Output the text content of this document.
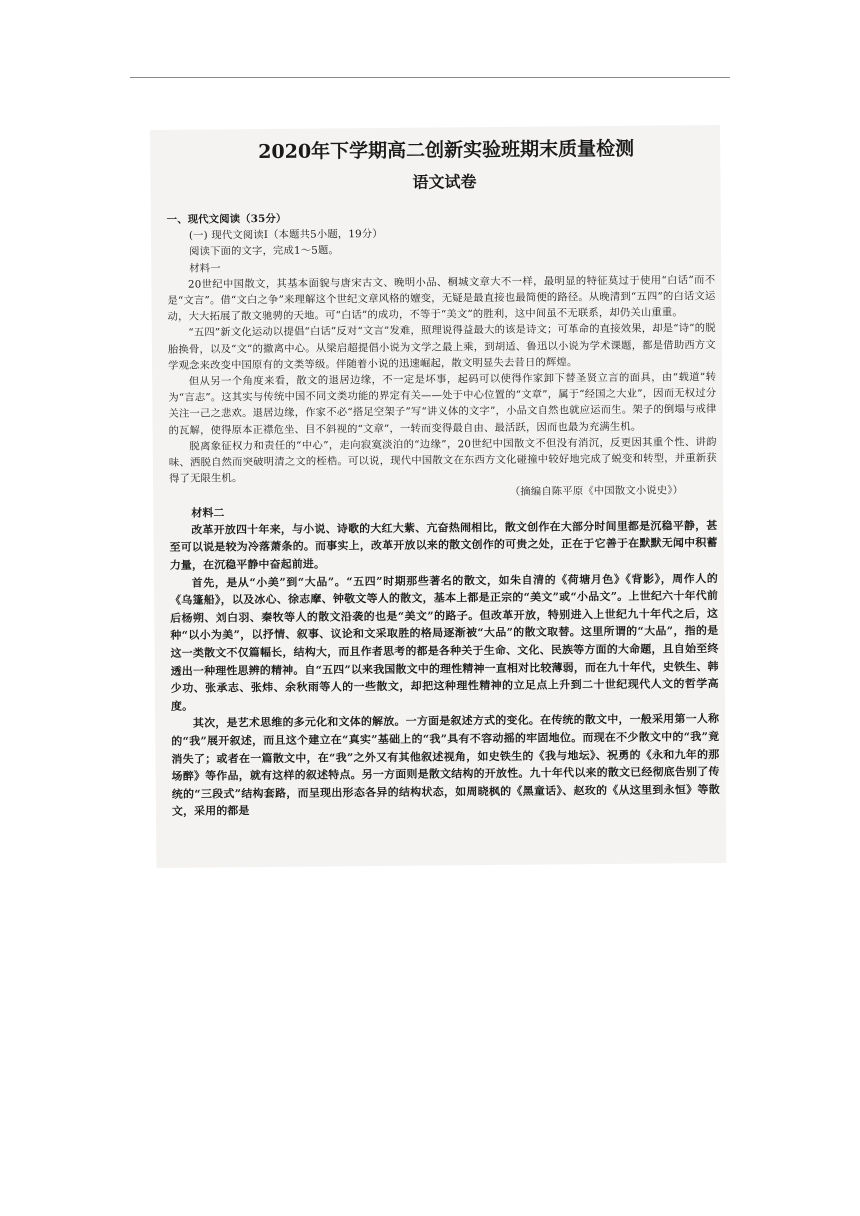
2020年下学期高二创新实验班期末质量检测
语文试卷

一、现代文阅读（35分）

(一) 现代文阅读Ⅰ（本题共5小题，19分）

阅读下面的文字，完成1～5题。

材料一

20世纪中国散文，其基本面貌与唐宋古文、晚明小品、桐城文章大不一样，最明显的特征莫过于使用“白话”而不是“文言”。借“文白之争”来理解这个世纪文章风格的嬗变，无疑是最直接也最简便的路径。从晚清到“五四”的白话文运动，大大拓展了散文驰骋的天地。可“白话”的成功，不等于“美文”的胜利，这中间虽不无联系，却仍关山重重。

“五四”新文化运动以提倡“白话”反对“文言”发难，照理说得益最大的该是诗文；可革命的直接效果，却是“诗”的脱胎换骨，以及“文”的撤离中心。从梁启超提倡小说为文学之最上乘，到胡适、鲁迅以小说为学术课题，都是借助西方文学观念来改变中国原有的文类等级。伴随着小说的迅速崛起，散文明显失去昔日的辉煌。

但从另一个角度来看，散文的退居边缘，不一定是坏事，起码可以使得作家卸下替圣贤立言的面具，由“载道”转为“言志”。这其实与传统中国不同文类功能的界定有关——处于中心位置的“文章”，属于“经国之大业”，因而无权过分关注一己之悲欢。退居边缘，作家不必“搭足空架子”写“讲义体的文字”，小品文自然也就应运而生。架子的倒塌与戒律的瓦解，使得原本正襟危坐、目不斜视的“文章”，一转而变得最自由、最活跃，因而也最为充满生机。

脱离象征权力和责任的“中心”，走向寂寞淡泊的“边缘”，20世纪中国散文不但没有消沉，反更因其重个性、讲韵味、洒脱自然而突破明清之文的桎梏。可以说，现代中国散文在东西方文化碰撞中较好地完成了蜕变和转型，并重新获得了无限生机。

（摘编自陈平原《中国散文小说史》）

材料二

改革开放四十年来，与小说、诗歌的大红大紫、亢奋热闹相比，散文创作在大部分时间里都是沉稳平静，甚至可以说是较为冷落萧条的。而事实上，改革开放以来的散文创作的可贵之处，正在于它善于在默默无闻中积蓄力量，在沉稳平静中奋起前进。

首先，是从“小美”到“大品”。“五四”时期那些著名的散文，如朱自清的《荷塘月色》《背影》，周作人的《乌篷船》，以及冰心、徐志摩、钟敬文等人的散文，基本上都是正宗的“美文”或“小品文”。上世纪六十年代前后杨朔、刘白羽、秦牧等人的散文沿袭的也是“美文”的路子。但改革开放，特别进入上世纪九十年代之后，这种“以小为美”，以抒情、叙事、议论和文采取胜的格局逐渐被“大品”的散文取替。这里所谓的“大品”，指的是这一类散文不仅篇幅长，结构大，而且作者思考的都是各种关于生命、文化、民族等方面的大命题，且自始至终透出一种理性思辨的精神。自“五四”以来我国散文中的理性精神一直相对比较薄弱，而在九十年代，史铁生、韩少功、张承志、张炜、余秋雨等人的一些散文，却把这种理性精神的立足点上升到二十世纪现代人文的哲学高度。

其次，是艺术思维的多元化和文体的解放。一方面是叙述方式的变化。在传统的散文中，一般采用第一人称的“我”展开叙述，而且这个建立在“真实”基础上的“我”具有不容动摇的牢固地位。而现在不少散文中的“我”竟消失了；或者在一篇散文中，在“我”之外又有其他叙述视角，如史铁生的《我与地坛》、祝勇的《永和九年的那场醉》等作品，就有这样的叙述特点。另一方面则是散文结构的开放性。九十年代以来的散文已经彻底告别了传统的“三段式”结构套路，而呈现出形态各异的结构状态，如周晓枫的《黑童话》、赵玫的《从这里到永恒》等散文，采用的都是
